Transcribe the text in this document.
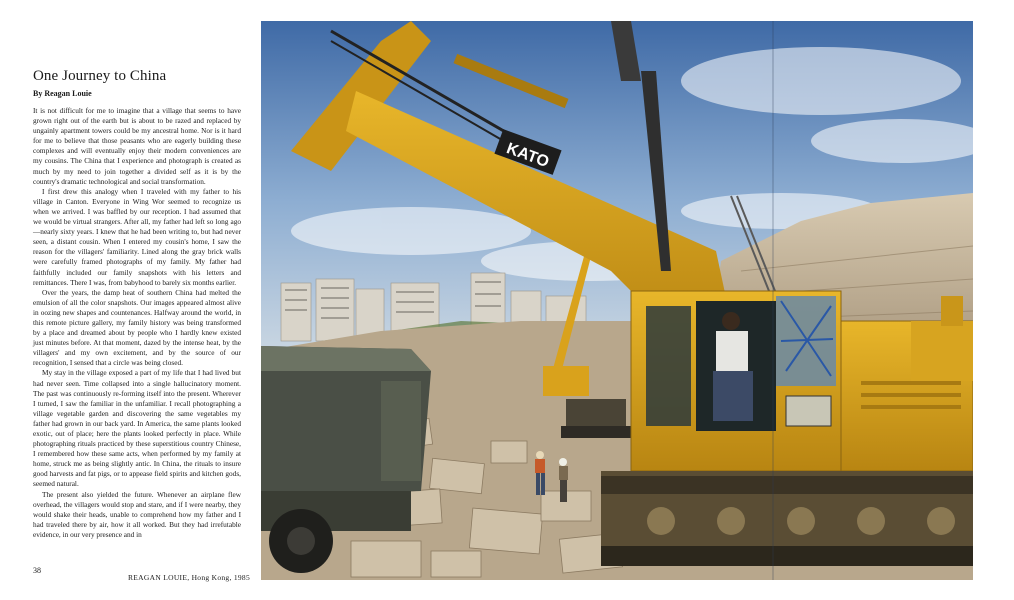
One Journey to China
By Reagan Louie

It is not difficult for me to imagine that a village that seems to have grown right out of the earth but is about to be razed and replaced by ungainly apartment towers could be my ancestral home. Nor is it hard for me to believe that those peasants who are eagerly building these complexes and will eventually enjoy their modern conveniences are my cousins. The China that I experience and photograph is created as much by my need to join together a divided self as it is by the country's dramatic technological and social transformation.

I first drew this analogy when I traveled with my father to his village in Canton. Everyone in Wing Wor seemed to recognize us when we arrived. I was baffled by our reception. I had assumed that we would be virtual strangers. After all, my father had left so long ago—nearly sixty years. I knew that he had been writing to, but had never seen, a distant cousin. When I entered my cousin's home, I saw the reason for the villagers' familiarity. Lined along the gray brick walls were carefully framed photographs of my family. My father had faithfully included our family snapshots with his letters and remittances. There I was, from babyhood to barely six months earlier.

Over the years, the damp heat of southern China had melted the emulsion of all the color snapshots. Our images appeared almost alive in oozing new shapes and countenances. Halfway around the world, in this remote picture gallery, my family history was being transformed by a place and dreamed about by people who I hardly knew existed just minutes before. At that moment, dazed by the intense heat, by the villagers' and my own excitement, and by the source of our recognition, I sensed that a circle was being closed.

My stay in the village exposed a part of my life that I had lived but had never seen. Time collapsed into a single hallucinatory moment. The past was continuously re-forming itself into the present. Wherever I turned, I saw the familiar in the unfamiliar. I recall photographing a village vegetable garden and discovering the same vegetables my father had grown in our back yard. In America, the same plants looked exotic, out of place; here the plants looked perfectly in place. While photographing rituals practiced by these superstitious country Chinese, I remembered how these same acts, when performed by my family at home, struck me as being slightly antic. In China, the rituals to insure good harvests and fat pigs, or to appease field spirits and kitchen gods, seemed natural.

The present also yielded the future. Whenever an airplane flew overhead, the villagers would stop and stare, and if I were nearby, they would shake their heads, unable to comprehend how my father and I had traveled there by air, how it all worked. But they had irrefutable evidence, in our very presence and in

38
REAGAN LOUIE, Hong Kong, 1985
KATO
